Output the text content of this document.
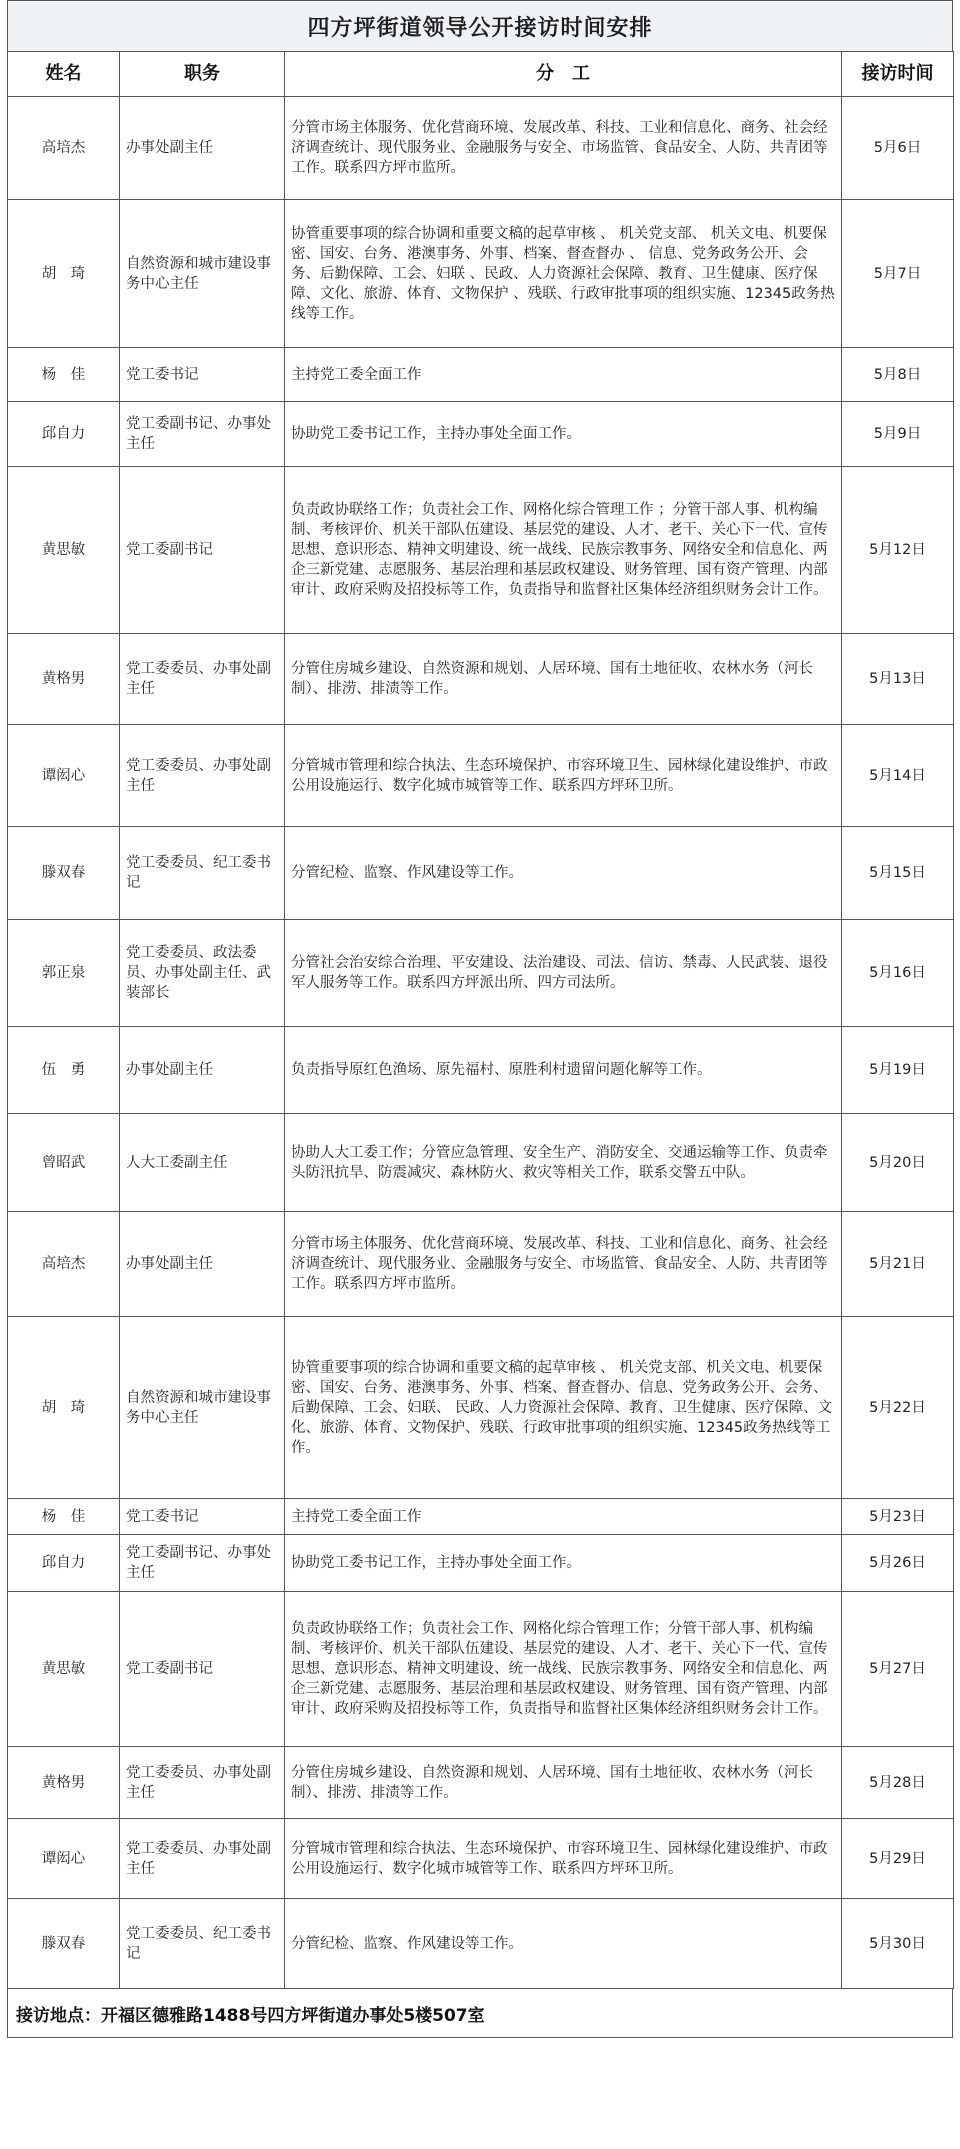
四方坪街道领导公开接访时间安排
姓名	职务	分　工	接访时间
高培杰	办事处副主任	分管市场主体服务、优化营商环境、发展改革、科技、工业和信息化、商务、社会经济调查统计、现代服务业、金融服务与安全、市场监管、食品安全、人防、共青团等工作。联系四方坪市监所。	5月6日
胡　琦	自然资源和城市建设事务中心主任	协管重要事项的综合协调和重要文稿的起草审核 、 机关党支部、 机关文电、机要保密、国安、台务、港澳事务、外事、档案、督查督办 、 信息、党务政务公开、会务、后勤保障、工会、妇联 、民政、人力资源社会保障、教育、卫生健康、医疗保障、文化、旅游、体育、文物保护 、残联、行政审批事项的组织实施、12345政务热线等工作。	5月7日
杨　佳	党工委书记	主持党工委全面工作	5月8日
邱自力	党工委副书记、办事处主任	协助党工委书记工作，主持办事处全面工作。	5月9日
黄思敏	党工委副书记	负责政协联络工作；负责社会工作、网格化综合管理工作 ；分管干部人事、机构编制、考核评价、机关干部队伍建设、基层党的建设、人才、老干、关心下一代、宣传思想、意识形态、精神文明建设、统一战线、民族宗教事务、网络安全和信息化、两企三新党建、志愿服务、基层治理和基层政权建设、财务管理、国有资产管理、内部审计、政府采购及招投标等工作，负责指导和监督社区集体经济组织财务会计工作。	5月12日
黄格男	党工委委员、办事处副主任	分管住房城乡建设、自然资源和规划、人居环境、国有土地征收、农林水务（河长制）、排涝、排渍等工作。	5月13日
谭闳心	党工委委员、办事处副主任	分管城市管理和综合执法、生态环境保护、市容环境卫生、园林绿化建设维护、市政公用设施运行、数字化城市城管等工作、联系四方坪环卫所。	5月14日
滕双春	党工委委员、纪工委书记	分管纪检、监察、作风建设等工作。	5月15日
郭正泉	党工委委员、政法委员、办事处副主任、武装部长	分管社会治安综合治理、平安建设、法治建设、司法、信访、禁毒、人民武装、退役军人服务等工作。联系四方坪派出所、四方司法所。	5月16日
伍　勇	办事处副主任	负责指导原红色渔场、原先福村、原胜利村遗留问题化解等工作。	5月19日
曾昭武	人大工委副主任	协助人大工委工作；分管应急管理、安全生产、消防安全、交通运输等工作、负责牵头防汛抗旱、防震减灾、森林防火、救灾等相关工作，联系交警五中队。	5月20日
高培杰	办事处副主任	分管市场主体服务、优化营商环境、发展改革、科技、工业和信息化、商务、社会经济调查统计、现代服务业、金融服务与安全、市场监管、食品安全、人防、共青团等工作。联系四方坪市监所。	5月21日
胡　琦	自然资源和城市建设事务中心主任	协管重要事项的综合协调和重要文稿的起草审核 、 机关党支部、机关文电、机要保密、国安、台务、港澳事务、外事、档案、督查督办、信息、党务政务公开、会务、后勤保障、工会、妇联、 民政、人力资源社会保障、教育、卫生健康、医疗保障、文化、旅游、体育、文物保护、残联、行政审批事项的组织实施、12345政务热线等工作。	5月22日
杨　佳	党工委书记	主持党工委全面工作	5月23日
邱自力	党工委副书记、办事处主任	协助党工委书记工作，主持办事处全面工作。	5月26日
黄思敏	党工委副书记	负责政协联络工作；负责社会工作、网格化综合管理工作；分管干部人事、机构编制、考核评价、机关干部队伍建设、基层党的建设、人才、老干、关心下一代、宣传思想、意识形态、精神文明建设、统一战线、民族宗教事务、网络安全和信息化、两企三新党建、志愿服务、基层治理和基层政权建设、财务管理、国有资产管理、内部审计、政府采购及招投标等工作，负责指导和监督社区集体经济组织财务会计工作。	5月27日
黄格男	党工委委员、办事处副主任	分管住房城乡建设、自然资源和规划、人居环境、国有土地征收、农林水务（河长制）、排涝、排渍等工作。	5月28日
谭闳心	党工委委员、办事处副主任	分管城市管理和综合执法、生态环境保护、市容环境卫生、园林绿化建设维护、市政公用设施运行、数字化城市城管等工作、联系四方坪环卫所。	5月29日
滕双春	党工委委员、纪工委书记	分管纪检、监察、作风建设等工作。	5月30日
接访地点：开福区德雅路1488号四方坪街道办事处5楼507室
